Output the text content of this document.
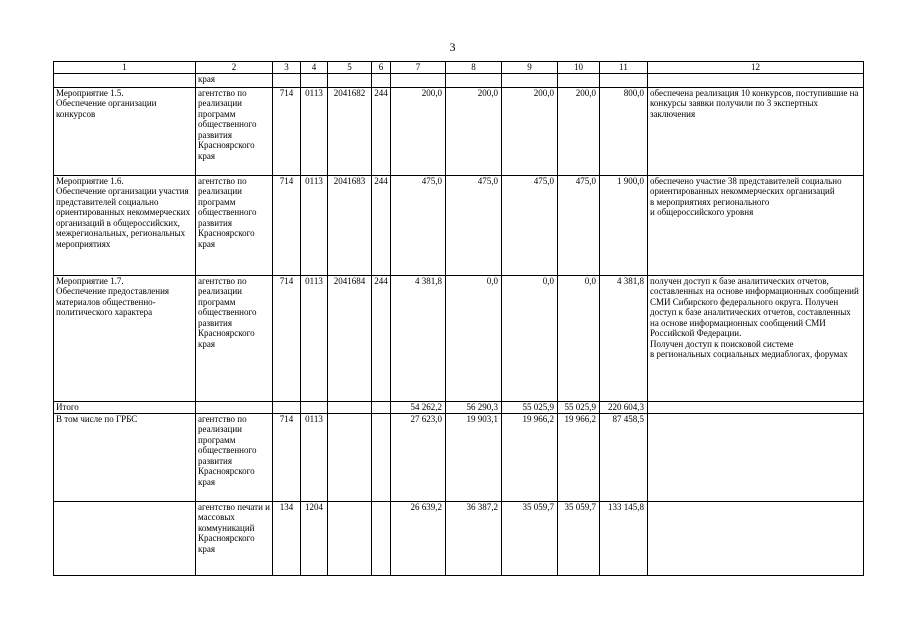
3
1	2	3	4	5	6	7	8	9	10	11	12
	края										
Мероприятие 1.5.
Обеспечение организации конкурсов	агентство по реализации программ общественного развития Красноярского края	714	0113	2041682	244	200,0	200,0	200,0	200,0	800,0	обеспечена реализация 10 конкурсов, поступившие на конкурсы заявки получили по 3 экспертных заключения
Мероприятие 1.6.
Обеспечение организации участия представителей социально ориентированных некоммерческих организаций в общероссийских, межрегиональных, региональных мероприятиях	агентство по реализации программ общественного развития Красноярского края	714	0113	2041683	244	475,0	475,0	475,0	475,0	1 900,0	обеспечено участие 38 представителей социально ориентированных некоммерческих организаций
в мероприятиях регионального
и общероссийского уровня
Мероприятие 1.7.
Обеспечение предоставления материалов общественно-политического характера	агентство по реализации программ общественного развития Красноярского края	714	0113	2041684	244	4 381,8	0,0	0,0	0,0	4 381,8	получен доступ к базе аналитических отчетов, составленных на основе информационных сообщений СМИ Сибирского федерального округа. Получен доступ к базе аналитических отчетов, составленных на основе информационных сообщений СМИ Российской Федерации.
Получен доступ к поисковой системе
в региональных социальных медиаблогах, форумах
Итого						54 262,2	56 290,3	55 025,9	55 025,9	220 604,3	
В том числе по ГРБС	агентство по реализации программ общественного развития Красноярского края	714	0113			27 623,0	19 903,1	19 966,2	19 966,2	87 458,5	
	агентство печати и массовых коммуникаций Красноярского края	134	1204			26 639,2	36 387,2	35 059,7	35 059,7	133 145,8	
